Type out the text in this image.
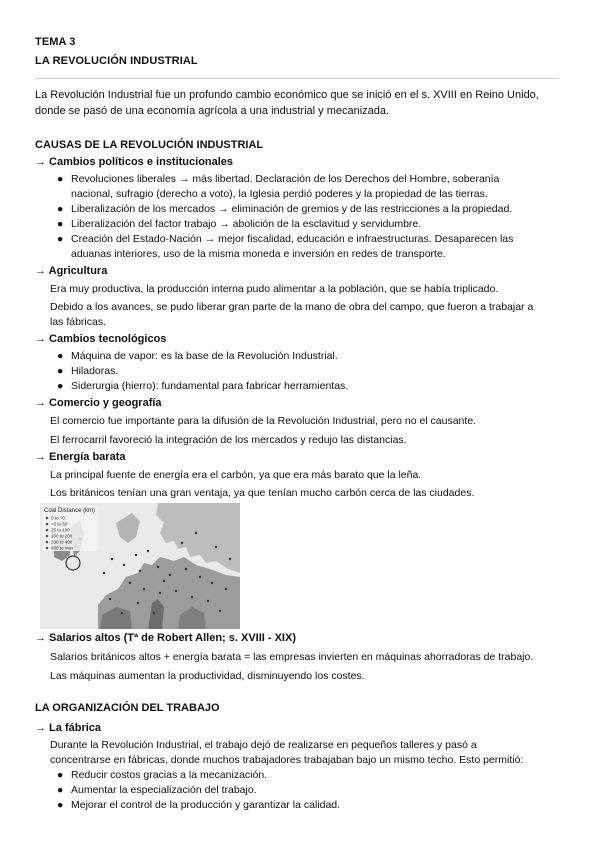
TEMA 3
LA REVOLUCIÓN INDUSTRIAL
La Revolución Industrial fue un profundo cambio económico que se inició en el s. XVIII en Reino Unido,
donde se pasó de una economía agrícola a una industrial y mecanizada.
CAUSAS DE LA REVOLUCIÓN INDUSTRIAL
→ Cambios políticos e institucionales
● Revoluciones liberales → más libertad. Declaración de los Derechos del Hombre, soberanía
nacional, sufragio (derecho a voto), la Iglesia perdió poderes y la propiedad de las tierras.
● Liberalización de los mercados → eliminación de gremios y de las restricciones a la propiedad.
● Liberalización del factor trabajo → abolición de la esclavitud y servidumbre.
● Creación del Estado-Nación → mejor fiscalidad, educación e infraestructuras. Desaparecen las
aduanas interiores, uso de la misma moneda e inversión en redes de transporte.
→ Agricultura
Era muy productiva, la producción interna pudo alimentar a la población, que se había triplicado.
Debido a los avances, se pudo liberar gran parte de la mano de obra del campo, que fueron a trabajar a
las fábricas.
→ Cambios tecnológicos
● Máquina de vapor: es la base de la Revolución Industrial.
● Hiladoras.
● Siderurgia (hierro): fundamental para fabricar herramientas.
→ Comercio y geografía
El comercio fue importante para la difusión de la Revolución Industrial, pero no el causante.
El ferrocarril favoreció la integración de los mercados y redujo las distancias.
→ Energía barata
La principal fuente de energía era el carbón, ya que era más barato que la leña.
Los británicos tenían una gran ventaja, ya que tenían mucho carbón cerca de las ciudades.
Coal Distance (km)
0 to ~0
~0 to 50
25 to 100
100 to 200
200 to 400
400 to max
→ Salarios altos (Tª de Robert Allen; s. XVIII - XIX)
Salarios británicos altos + energía barata = las empresas invierten en máquinas ahorradoras de trabajo.
Las máquinas aumentan la productividad, disminuyendo los costes.
LA ORGANIZACIÓN DEL TRABAJO
→ La fábrica
Durante la Revolución Industrial, el trabajo dejó de realizarse en pequeños talleres y pasó a
concentrarse en fábricas, donde muchos trabajadores trabajaban bajo un mismo techo. Esto permitió:
● Reducir costos gracias a la mecanización.
● Aumentar la especialización del trabajo.
● Mejorar el control de la producción y garantizar la calidad.
